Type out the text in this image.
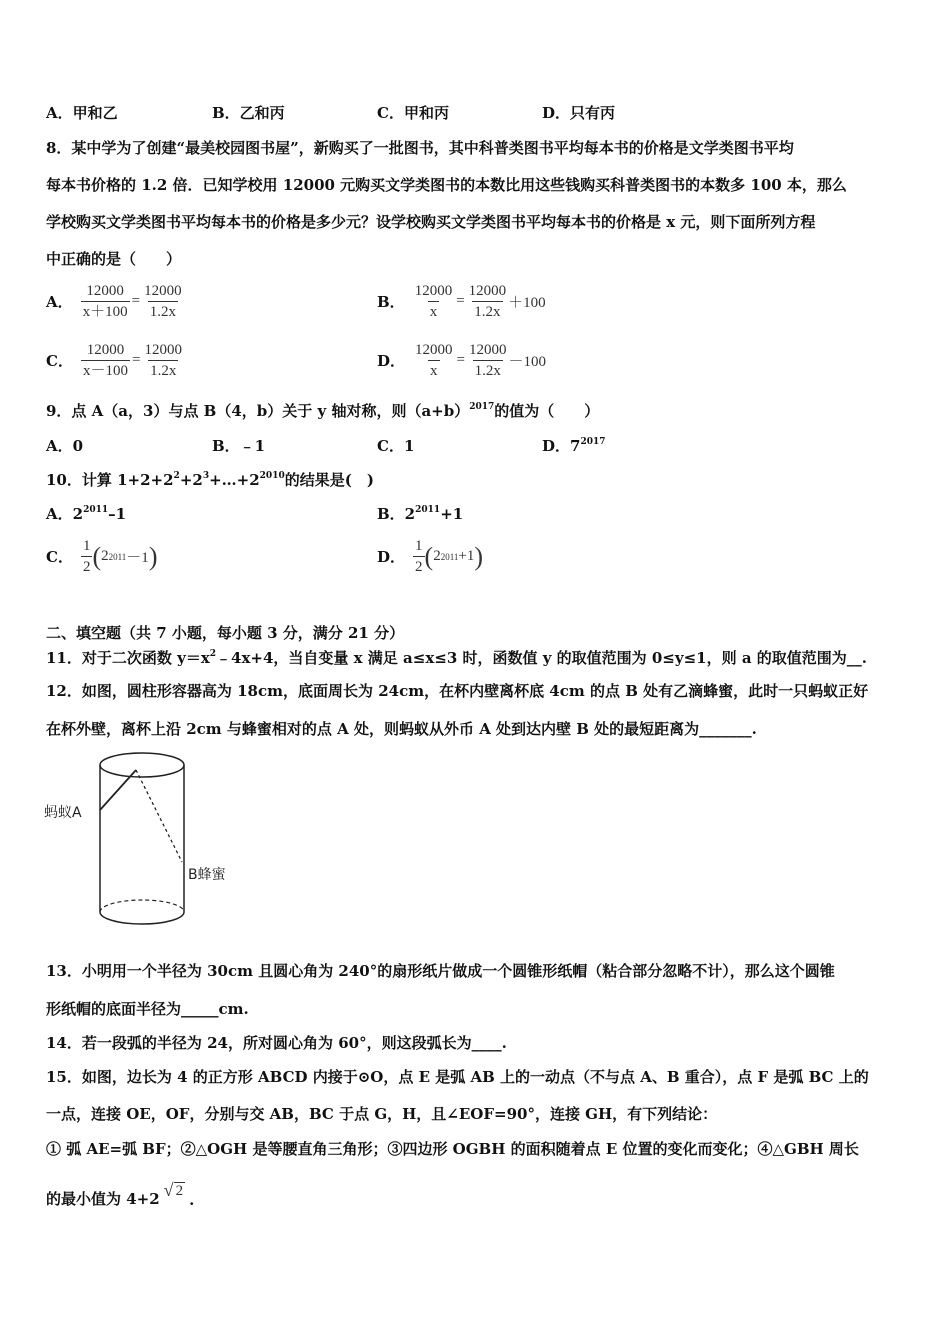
A．甲和乙	B．乙和丙	C．甲和丙	D．只有丙
8．某中学为了创建“最美校园图书屋”，新购买了一批图书，其中科普类图书平均每本书的价格是文学类图书平均
每本书价格的 1.2 倍．已知学校用 12000 元购买文学类图书的本数比用这些钱购买科普类图书的本数多 100 本，那么
学校购买文学类图书平均每本书的价格是多少元？设学校购买文学类图书平均每本书的价格是 x 元，则下面所列方程
中正确的是（　　）
A． $\frac{12000}{x+100} = \frac{12000}{1.2x}$	B． $\frac{12000}{x} = \frac{12000}{1.2x} +100$
C． $\frac{12000}{x-100} = \frac{12000}{1.2x}$	D． $\frac{12000}{x} = \frac{12000}{1.2x} -100$
9．点 A（a，3）与点 B（4，b）关于 y 轴对称，则$(a+b)^{2017}$的值为（　　）
A．0	B．﹣1	C．1	D．$7^{2017}$
10．计算 $1+2+2^2+2^3+\dots+2^{2010}$的结果是(　)
A．$2^{2011}-1$	B．$2^{2011}+1$
C． $\frac{1}{2}$ ( 2 2011 －1 )	D． $\frac{1}{2}$ ( 2 2011 +1 )
二、填空题（共 7 小题，每小题 3 分，满分 21 分）
11．对于二次函数 $y=x^2﹣4x+4$，当自变量 x 满足 a≤x≤3 时，函数值 y 的取值范围为 0≤y≤1，则 a 的取值范围为__.
12．如图，圆柱形容器高为 18cm，底面周长为 24cm，在杯内壁离杯底 4cm 的点 B 处有乙滴蜂蜜，此时一只蚂蚁正好
在杯外壁，离杯上沿 2cm 与蜂蜜相对的点 A 处，则蚂蚁从外币 A 处到达内壁 B 处的最短距离为_______.
蚂蚁A
B蜂蜜
13．小明用一个半径为 30cm 且圆心角为 240°的扇形纸片做成一个圆锥形纸帽（粘合部分忽略不计），那么这个圆锥
形纸帽的底面半径为_____cm.
14．若一段弧的半径为 24，所对圆心角为 60°，则这段弧长为____.
15．如图，边长为 4 的正方形 ABCD 内接于⊙O，点 E 是弧 AB 上的一动点（不与点 A、B 重合），点 F 是弧 BC 上的
一点，连接 OE，OF，分别与交 AB，BC 于点 G，H，且∠EOF=90°，连接 GH，有下列结论：
① 弧 AE=弧 BF；②△OGH 是等腰直角三角形；③四边形 OGBH 的面积随着点 E 位置的变化而变化；④△GBH 周长
的最小值为 4+2 √ 2 .
